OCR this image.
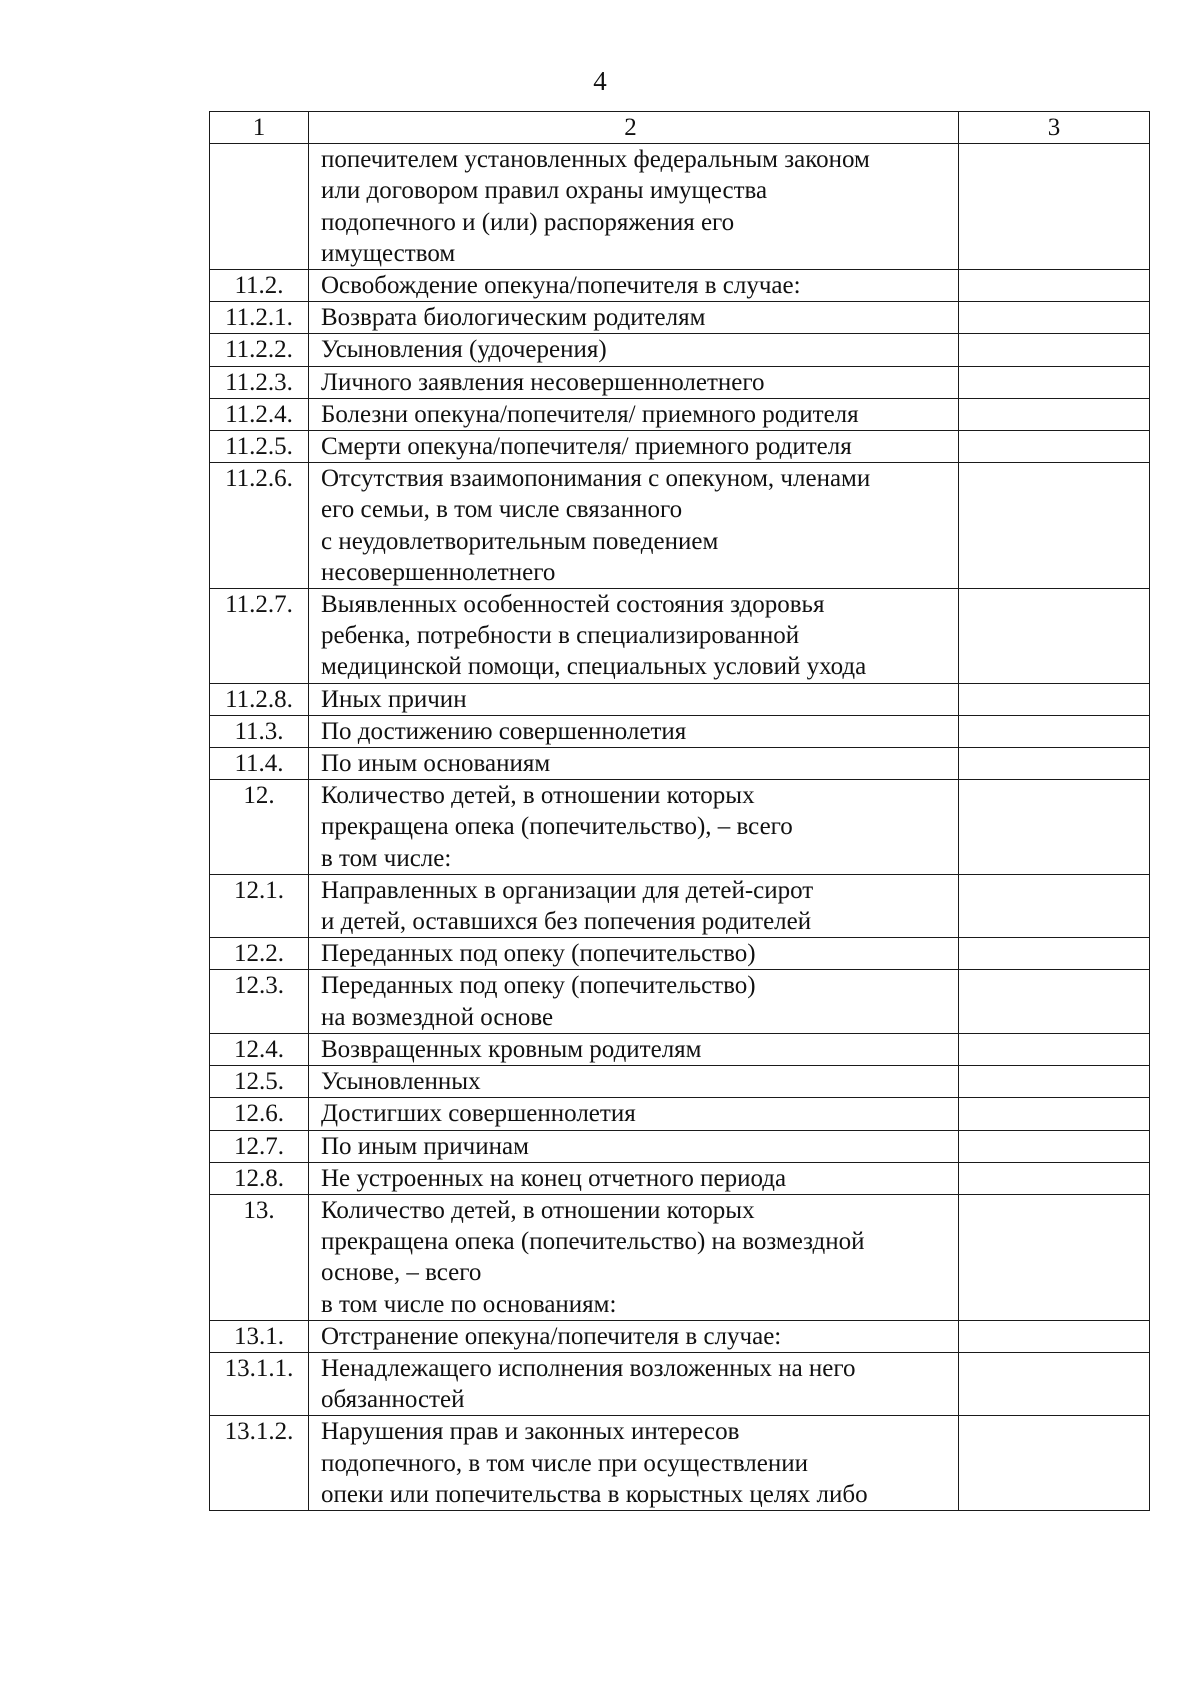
4
1	2	3
	попечителем установленных федеральным законом
или договором правил охраны имущества
подопечного и (или) распоряжения его
имуществом	
11.2.	Освобождение опекуна/попечителя в случае:	
11.2.1.	Возврата биологическим родителям	
11.2.2.	Усыновления (удочерения)	
11.2.3.	Личного заявления несовершеннолетнего	
11.2.4.	Болезни опекуна/попечителя/ приемного родителя	
11.2.5.	Смерти опекуна/попечителя/ приемного родителя	
11.2.6.	Отсутствия взаимопонимания с опекуном, членами
его семьи, в том числе связанного
с неудовлетворительным поведением
несовершеннолетнего	
11.2.7.	Выявленных особенностей состояния здоровья
ребенка, потребности в специализированной
медицинской помощи, специальных условий ухода	
11.2.8.	Иных причин	
11.3.	По достижению совершеннолетия	
11.4.	По иным основаниям	
12.	Количество детей, в отношении которых
прекращена опека (попечительство), – всего
в том числе:	
12.1.	Направленных в организации для детей-сирот
и детей, оставшихся без попечения родителей	
12.2.	Переданных под опеку (попечительство)	
12.3.	Переданных под опеку (попечительство)
на возмездной основе	
12.4.	Возвращенных кровным родителям	
12.5.	Усыновленных	
12.6.	Достигших совершеннолетия	
12.7.	По иным причинам	
12.8.	Не устроенных на конец отчетного периода	
13.	Количество детей, в отношении которых
прекращена опека (попечительство) на возмездной
основе, – всего
в том числе по основаниям:	
13.1.	Отстранение опекуна/попечителя в случае:	
13.1.1.	Ненадлежащего исполнения возложенных на него
обязанностей	
13.1.2.	Нарушения прав и законных интересов
подопечного, в том числе при осуществлении
опеки или попечительства в корыстных целях либо	
